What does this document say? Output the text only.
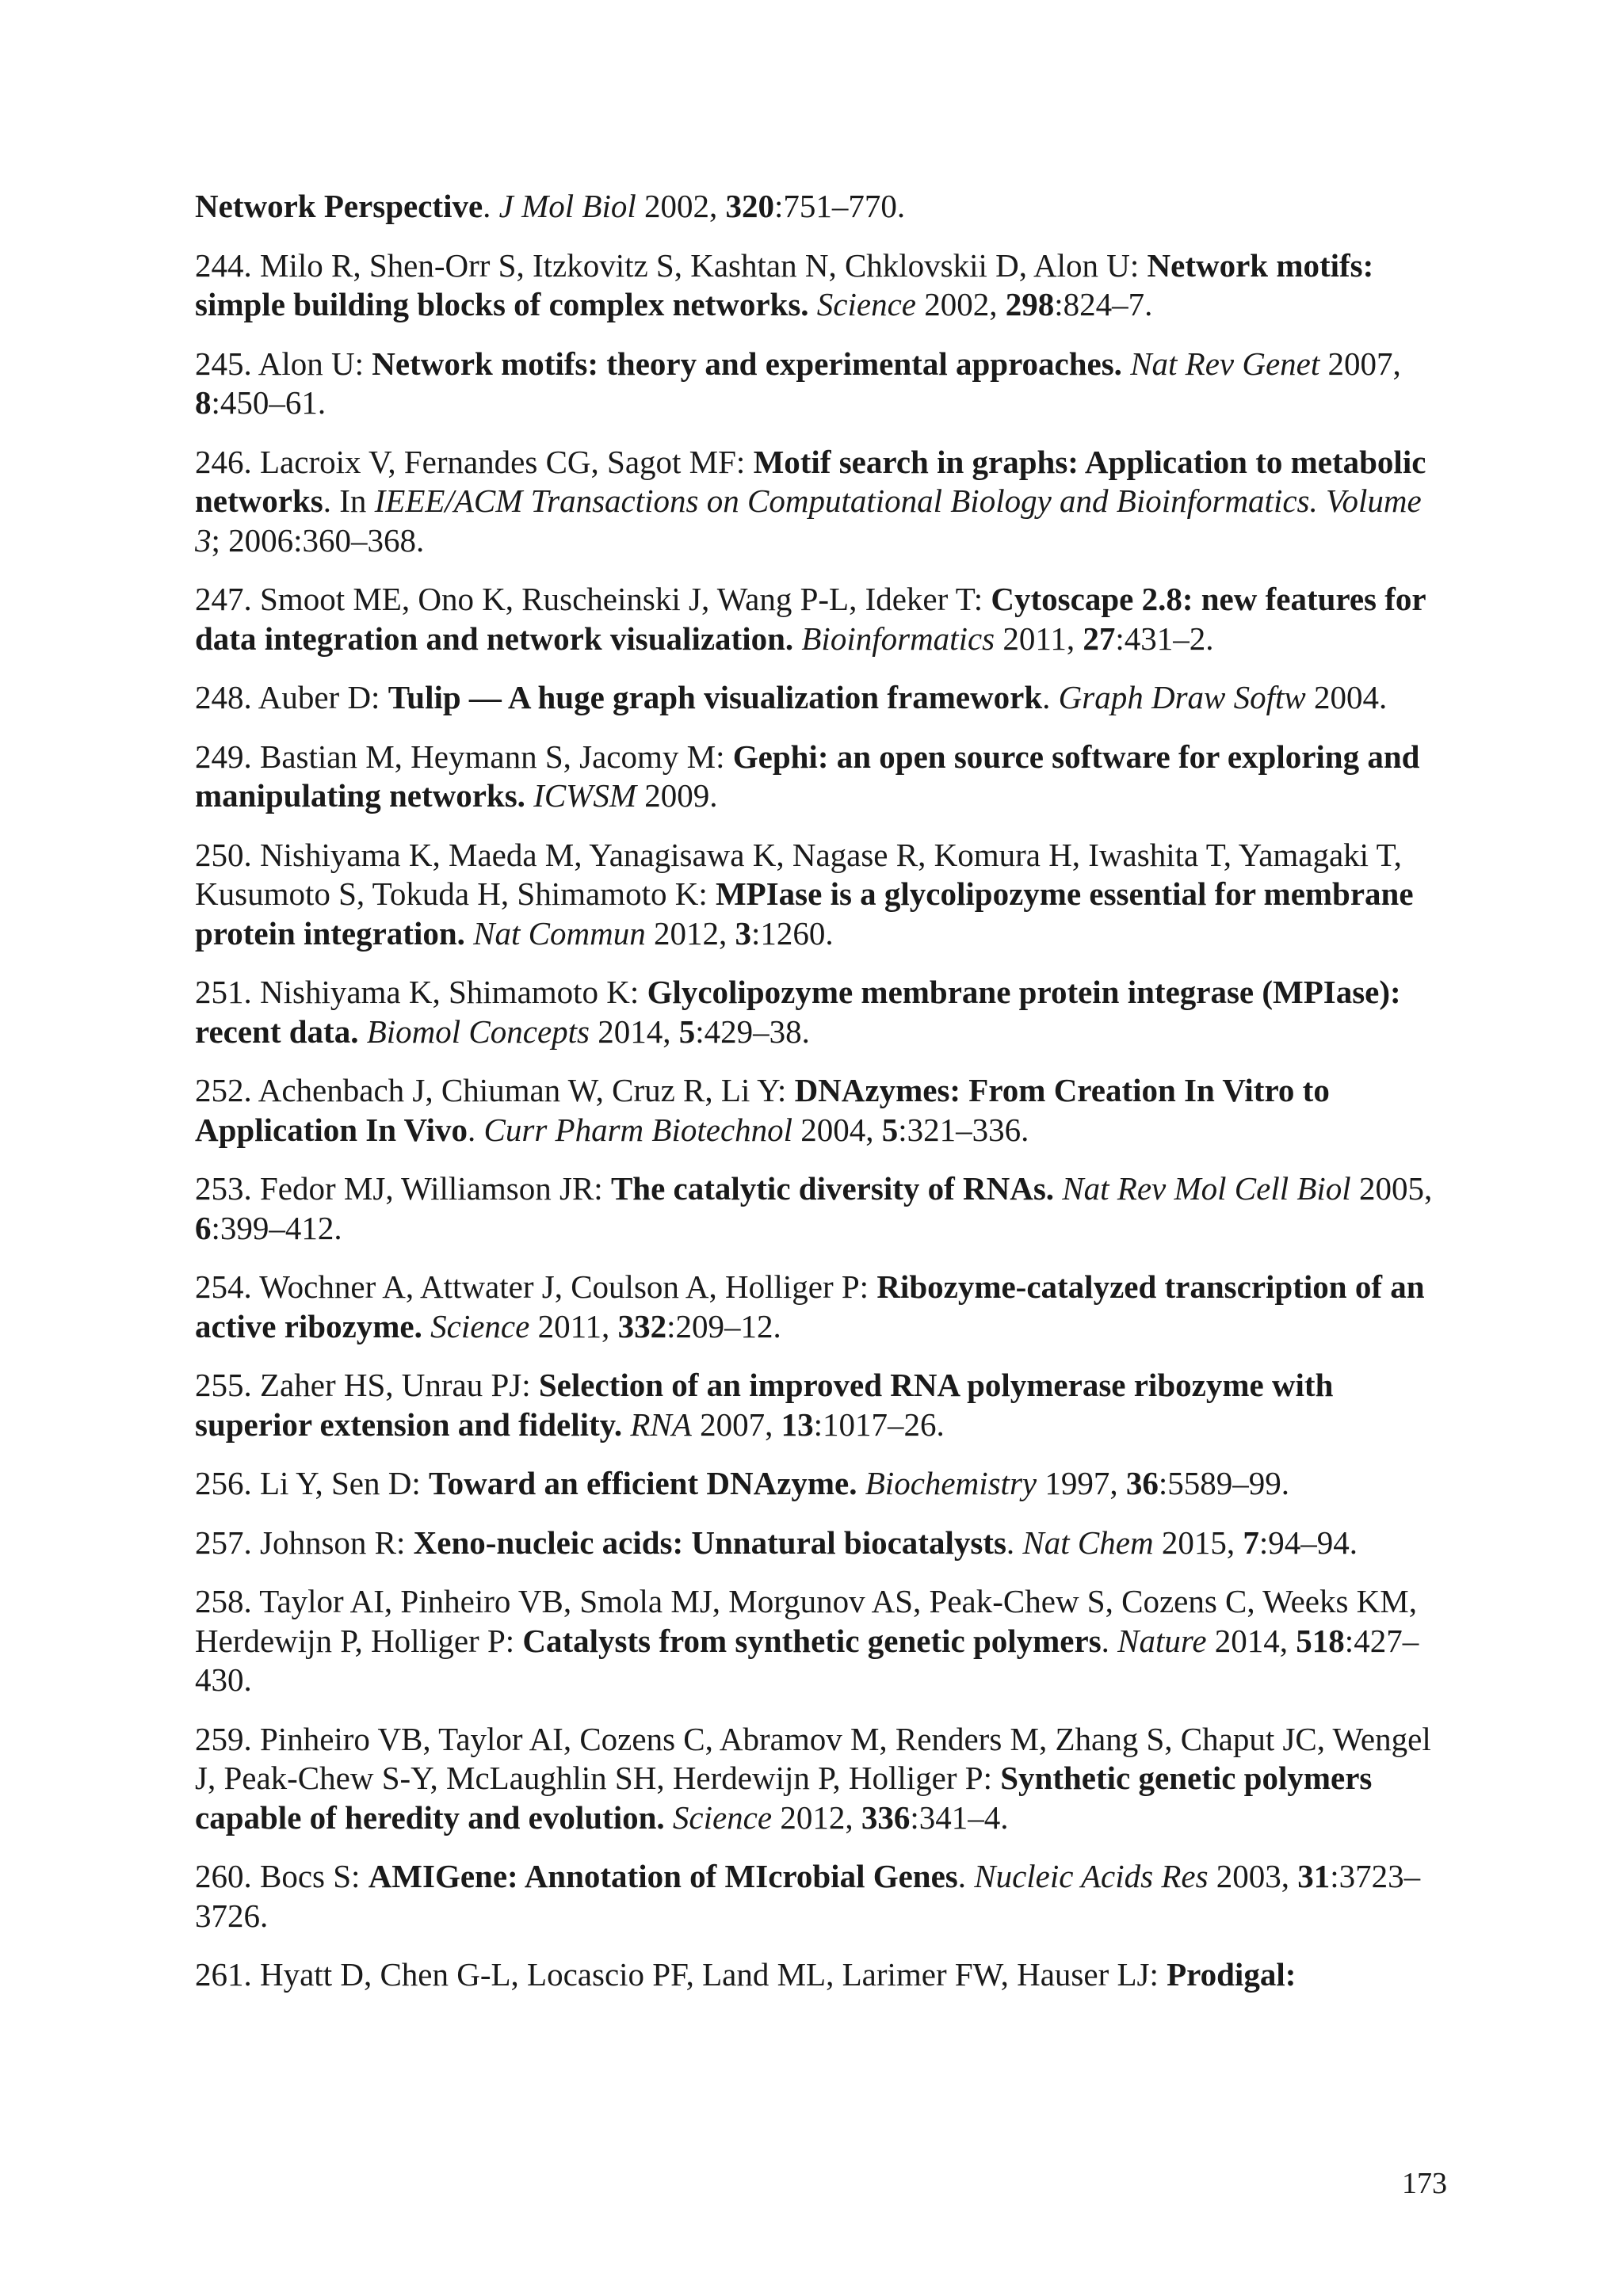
Network Perspective. J Mol Biol 2002, 320:751–770.

244. Milo R, Shen-Orr S, Itzkovitz S, Kashtan N, Chklovskii D, Alon U: Network motifs: simple building blocks of complex networks. Science 2002, 298:824–7.

245. Alon U: Network motifs: theory and experimental approaches. Nat Rev Genet 2007, 8:450–61.

246. Lacroix V, Fernandes CG, Sagot MF: Motif search in graphs: Application to metabolic networks. In IEEE/ACM Transactions on Computational Biology and Bioinformatics. Volume 3; 2006:360–368.

247. Smoot ME, Ono K, Ruscheinski J, Wang P-L, Ideker T: Cytoscape 2.8: new features for data integration and network visualization. Bioinformatics 2011, 27:431–2.

248. Auber D: Tulip — A huge graph visualization framework. Graph Draw Softw 2004.

249. Bastian M, Heymann S, Jacomy M: Gephi: an open source software for exploring and manipulating networks. ICWSM 2009.

250. Nishiyama K, Maeda M, Yanagisawa K, Nagase R, Komura H, Iwashita T, Yamagaki T, Kusumoto S, Tokuda H, Shimamoto K: MPIase is a glycolipozyme essential for membrane protein integration. Nat Commun 2012, 3:1260.

251. Nishiyama K, Shimamoto K: Glycolipozyme membrane protein integrase (MPIase): recent data. Biomol Concepts 2014, 5:429–38.

252. Achenbach J, Chiuman W, Cruz R, Li Y: DNAzymes: From Creation In Vitro to Application In Vivo. Curr Pharm Biotechnol 2004, 5:321–336.

253. Fedor MJ, Williamson JR: The catalytic diversity of RNAs. Nat Rev Mol Cell Biol 2005, 6:399–412.

254. Wochner A, Attwater J, Coulson A, Holliger P: Ribozyme-catalyzed transcription of an active ribozyme. Science 2011, 332:209–12.

255. Zaher HS, Unrau PJ: Selection of an improved RNA polymerase ribozyme with superior extension and fidelity. RNA 2007, 13:1017–26.

256. Li Y, Sen D: Toward an efficient DNAzyme. Biochemistry 1997, 36:5589–99.

257. Johnson R: Xeno-nucleic acids: Unnatural biocatalysts. Nat Chem 2015, 7:94–94.

258. Taylor AI, Pinheiro VB, Smola MJ, Morgunov AS, Peak-Chew S, Cozens C, Weeks KM, Herdewijn P, Holliger P: Catalysts from synthetic genetic polymers. Nature 2014, 518:427–430.

259. Pinheiro VB, Taylor AI, Cozens C, Abramov M, Renders M, Zhang S, Chaput JC, Wengel J, Peak-Chew S-Y, McLaughlin SH, Herdewijn P, Holliger P: Synthetic genetic polymers capable of heredity and evolution. Science 2012, 336:341–4.

260. Bocs S: AMIGene: Annotation of MIcrobial Genes. Nucleic Acids Res 2003, 31:3723–3726.

261. Hyatt D, Chen G-L, Locascio PF, Land ML, Larimer FW, Hauser LJ: Prodigal:

173
